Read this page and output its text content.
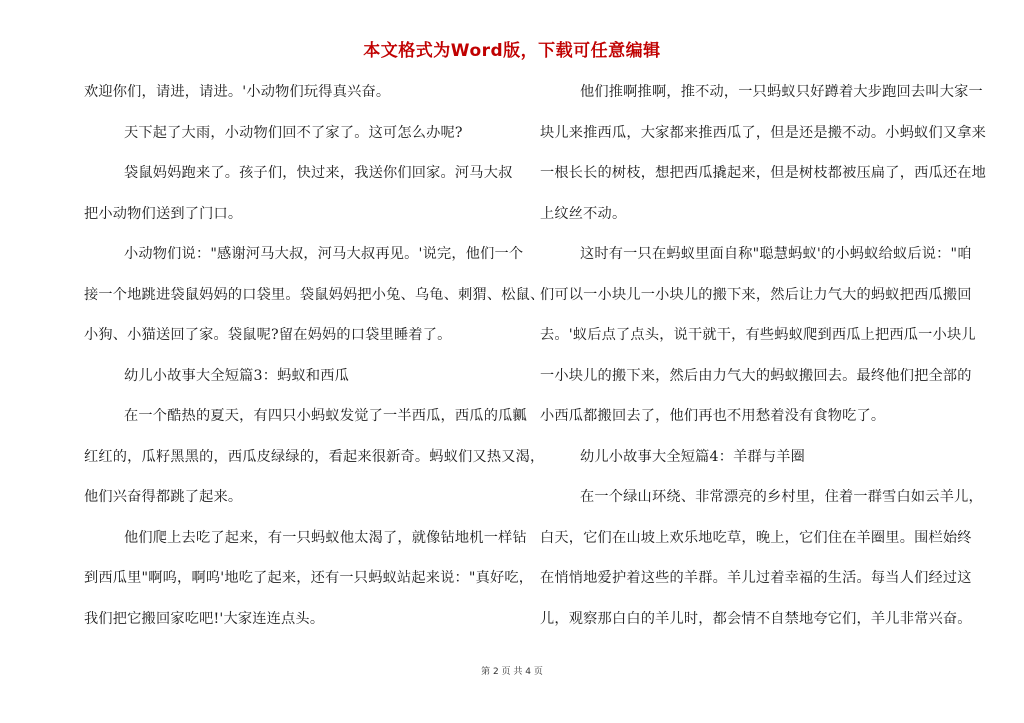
本文格式为Word版，下载可任意编辑
欢迎你们，请进，请进。'小动物们玩得真兴奋。
天下起了大雨，小动物们回不了家了。这可怎么办呢?
袋鼠妈妈跑来了。孩子们，快过来，我送你们回家。河马大叔
把小动物们送到了门口。
小动物们说："感谢河马大叔，河马大叔再见。'说完，他们一个
接一个地跳进袋鼠妈妈的口袋里。袋鼠妈妈把小兔、乌龟、刺猬、松鼠、
小狗、小猫送回了家。袋鼠呢?留在妈妈的口袋里睡着了。
幼儿小故事大全短篇3：蚂蚁和西瓜
在一个酷热的夏天，有四只小蚂蚁发觉了一半西瓜，西瓜的瓜瓤
红红的，瓜籽黑黑的，西瓜皮绿绿的，看起来很新奇。蚂蚁们又热又渴，
他们兴奋得都跳了起来。
他们爬上去吃了起来，有一只蚂蚁他太渴了，就像钻地机一样钻
到西瓜里"啊呜，啊呜'地吃了起来，还有一只蚂蚁站起来说："真好吃，
我们把它搬回家吃吧!'大家连连点头。
他们推啊推啊，推不动，一只蚂蚁只好蹲着大步跑回去叫大家一
块儿来推西瓜，大家都来推西瓜了，但是还是搬不动。小蚂蚁们又拿来
一根长长的树枝，想把西瓜撬起来，但是树枝都被压扁了，西瓜还在地
上纹丝不动。
这时有一只在蚂蚁里面自称"聪慧蚂蚁'的小蚂蚁给蚁后说："咱
们可以一小块儿一小块儿的搬下来，然后让力气大的蚂蚁把西瓜搬回
去。'蚁后点了点头，说干就干，有些蚂蚁爬到西瓜上把西瓜一小块儿
一小块儿的搬下来，然后由力气大的蚂蚁搬回去。最终他们把全部的
小西瓜都搬回去了，他们再也不用愁着没有食物吃了。
幼儿小故事大全短篇4：羊群与羊圈
在一个绿山环绕、非常漂亮的乡村里，住着一群雪白如云羊儿，
白天，它们在山坡上欢乐地吃草，晚上，它们住在羊圈里。围栏始终
在悄悄地爱护着这些的羊群。羊儿过着幸福的生活。每当人们经过这
儿，观察那白白的羊儿时，都会情不自禁地夸它们，羊儿非常兴奋。
第 2 页 共 4 页
